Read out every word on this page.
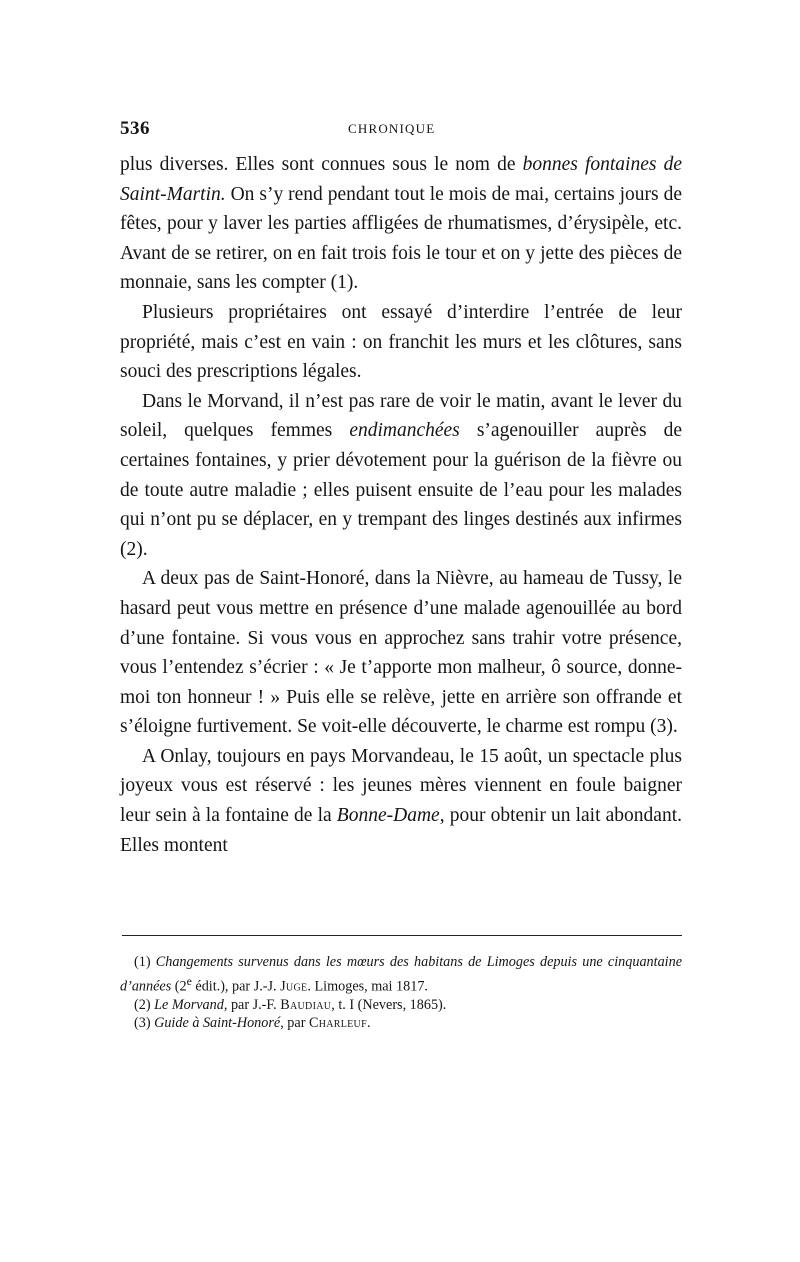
536	CHRONIQUE

plus diverses. Elles sont connues sous le nom de bonnes fontaines de Saint-Martin. On s’y rend pendant tout le mois de mai, certains jours de fêtes, pour y laver les parties affligées de rhumatismes, d’érysipèle, etc. Avant de se retirer, on en fait trois fois le tour et on y jette des pièces de monnaie, sans les compter (1).

Plusieurs propriétaires ont essayé d’interdire l’entrée de leur propriété, mais c’est en vain : on franchit les murs et les clôtures, sans souci des prescriptions légales.

Dans le Morvand, il n’est pas rare de voir le matin, avant le lever du soleil, quelques femmes endimanchées s’agenouiller auprès de certaines fontaines, y prier dévotement pour la guérison de la fièvre ou de toute autre maladie ; elles puisent ensuite de l’eau pour les malades qui n’ont pu se déplacer, en y trempant des linges destinés aux infirmes (2).

A deux pas de Saint-Honoré, dans la Nièvre, au hameau de Tussy, le hasard peut vous mettre en présence d’une malade agenouillée au bord d’une fontaine. Si vous vous en approchez sans trahir votre présence, vous l’entendez s’écrier : « Je t’apporte mon malheur, ô source, donne-moi ton honneur ! » Puis elle se relève, jette en arrière son offrande et s’éloigne furtivement. Se voit-elle découverte, le charme est rompu (3).

A Onlay, toujours en pays Morvandeau, le 15 août, un spectacle plus joyeux vous est réservé : les jeunes mères viennent en foule baigner leur sein à la fontaine de la Bonne-Dame, pour obtenir un lait abondant. Elles montent

(1) Changements survenus dans les mœurs des habitans de Limoges depuis une cinquantaine d’années (2e édit.), par J.-J. Juge. Limoges, mai 1817.

(2) Le Morvand, par J.-F. Baudiau, t. I (Nevers, 1865).

(3) Guide à Saint-Honoré, par Charleuf.
